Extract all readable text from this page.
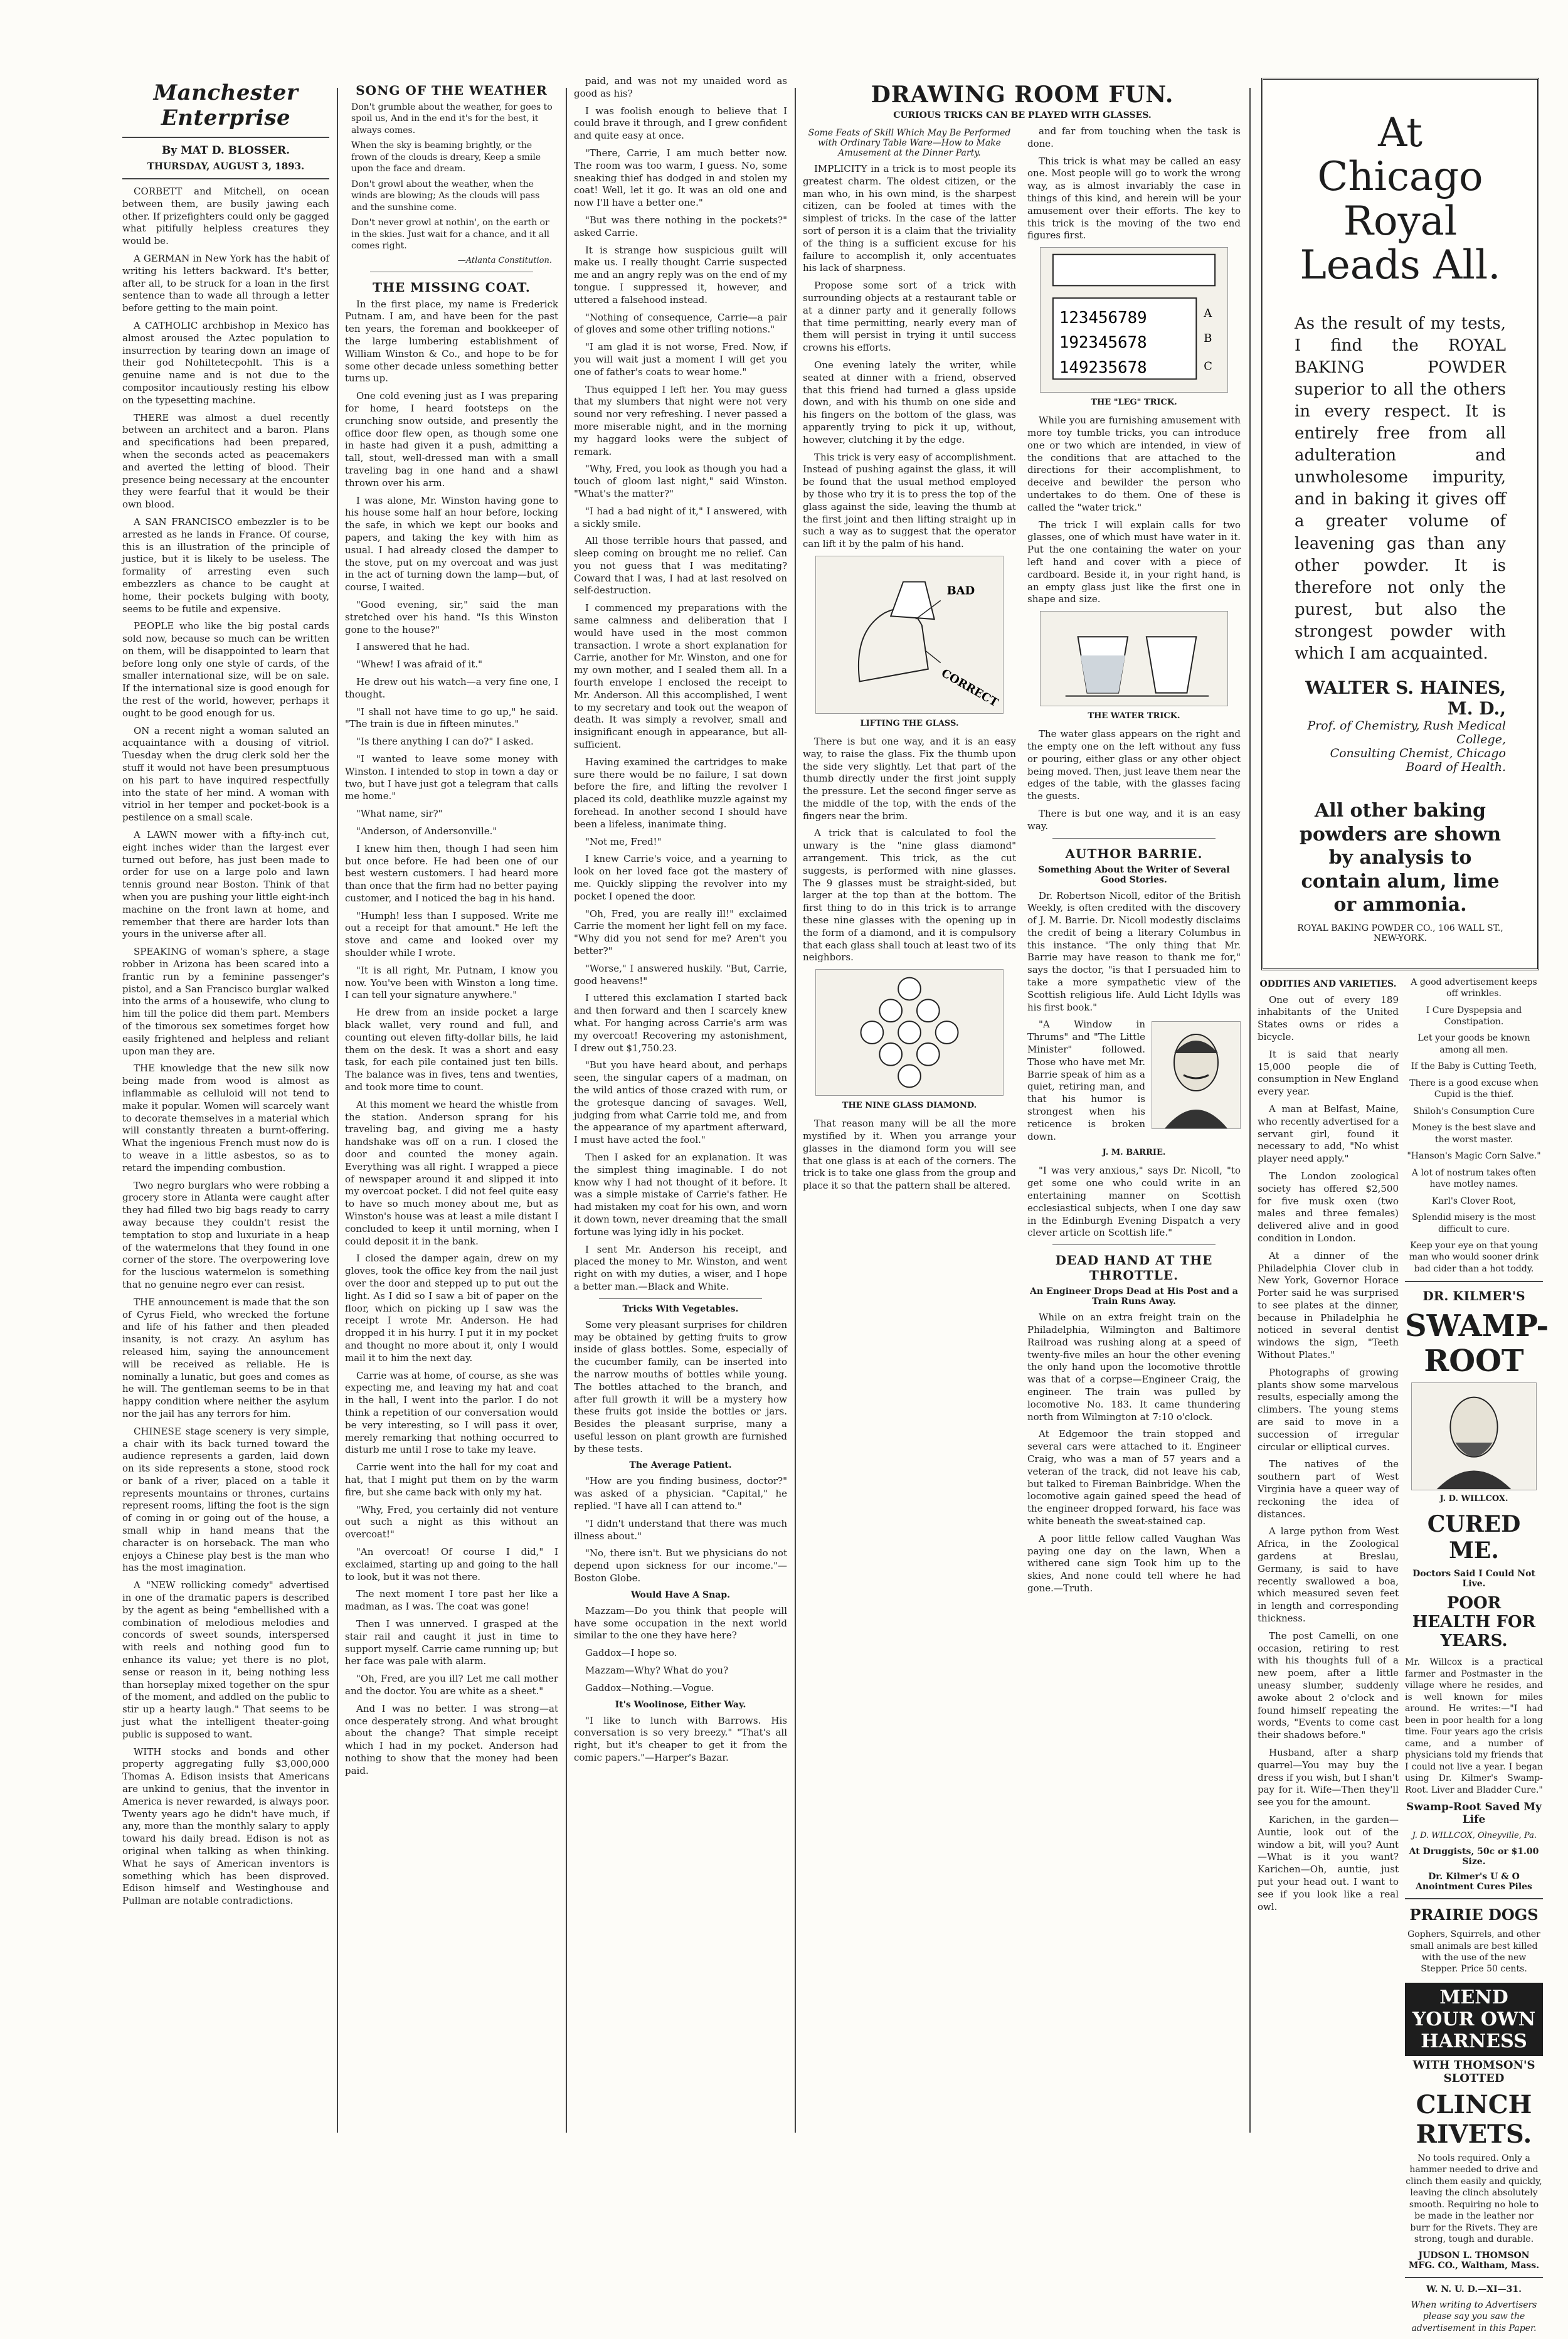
Manchester Enterprise
By MAT D. BLOSSER.
THURSDAY, AUGUST 3, 1893.

CORBETT and Mitchell, on ocean between them, are busily jawing each other. If prizefighters could only be gagged what pitifully helpless creatures they would be.

A GERMAN in New York has the habit of writing his letters backward. It's better, after all, to be struck for a loan in the first sentence than to wade all through a letter before getting to the main point.

A CATHOLIC archbishop in Mexico has almost aroused the Aztec population to insurrection by tearing down an image of their god Nohiltetecpohlt. This is a genuine name and is not due to the compositor incautiously resting his elbow on the typesetting machine.

THERE was almost a duel recently between an architect and a baron. Plans and specifications had been prepared, when the seconds acted as peacemakers and averted the letting of blood. Their presence being necessary at the encounter they were fearful that it would be their own blood.

A SAN FRANCISCO embezzler is to be arrested as he lands in France. Of course, this is an illustration of the principle of justice, but it is likely to be useless. The formality of arresting even such embezzlers as chance to be caught at home, their pockets bulging with booty, seems to be futile and expensive.

PEOPLE who like the big postal cards sold now, because so much can be written on them, will be disappointed to learn that before long only one style of cards, of the smaller international size, will be on sale. If the international size is good enough for the rest of the world, however, perhaps it ought to be good enough for us.

ON a recent night a woman saluted an acquaintance with a dousing of vitriol. Tuesday when the drug clerk sold her the stuff it would not have been presumptuous on his part to have inquired respectfully into the state of her mind. A woman with vitriol in her temper and pocket-book is a pestilence on a small scale.

A LAWN mower with a fifty-inch cut, eight inches wider than the largest ever turned out before, has just been made to order for use on a large polo and lawn tennis ground near Boston. Think of that when you are pushing your little eight-inch machine on the front lawn at home, and remember that there are harder lots than yours in the universe after all.

SPEAKING of woman's sphere, a stage robber in Arizona has been scared into a frantic run by a feminine passenger's pistol, and a San Francisco burglar walked into the arms of a housewife, who clung to him till the police did them part. Members of the timorous sex sometimes forget how easily frightened and helpless and reliant upon man they are.

THE knowledge that the new silk now being made from wood is almost as inflammable as celluloid will not tend to make it popular. Women will scarcely want to decorate themselves in a material which will constantly threaten a burnt-offering. What the ingenious French must now do is to weave in a little asbestos, so as to retard the impending combustion.

Two negro burglars who were robbing a grocery store in Atlanta were caught after they had filled two big bags ready to carry away because they couldn't resist the temptation to stop and luxuriate in a heap of the watermelons that they found in one corner of the store. The overpowering love for the luscious watermelon is something that no genuine negro ever can resist.

THE announcement is made that the son of Cyrus Field, who wrecked the fortune and life of his father and then pleaded insanity, is not crazy. An asylum has released him, saying the announcement will be received as reliable. He is nominally a lunatic, but goes and comes as he will. The gentleman seems to be in that happy condition where neither the asylum nor the jail has any terrors for him.

CHINESE stage scenery is very simple, a chair with its back turned toward the audience represents a garden, laid down on its side represents a stone, stood rock or bank of a river, placed on a table it represents mountains or thrones, curtains represent rooms, lifting the foot is the sign of coming in or going out of the house, a small whip in hand means that the character is on horseback. The man who enjoys a Chinese play best is the man who has the most imagination.

A "NEW rollicking comedy" advertised in one of the dramatic papers is described by the agent as being "embellished with a combination of melodious melodies and concords of sweet sounds, interspersed with reels and nothing good fun to enhance its value; yet there is no plot, sense or reason in it, being nothing less than horseplay mixed together on the spur of the moment, and addled on the public to stir up a hearty laugh." That seems to be just what the intelligent theater-going public is supposed to want.

WITH stocks and bonds and other property aggregating fully $3,000,000 Thomas A. Edison insists that Americans are unkind to genius, that the inventor in America is never rewarded, is always poor. Twenty years ago he didn't have much, if any, more than the monthly salary to apply toward his daily bread. Edison is not as original when talking as when thinking. What he says of American inventors is something which has been disproved. Edison himself and Westinghouse and Pullman are notable contradictions.

SONG OF THE WEATHER

Don't grumble about the weather, for goes to spoil us, And in the end it's for the best, it always comes.

When the sky is beaming brightly, or the frown of the clouds is dreary, Keep a smile upon the face and dream.

Don't growl about the weather, when the winds are blowing; As the clouds will pass and the sunshine come.

Don't never growl at nothin', on the earth or in the skies. Just wait for a chance, and it all comes right.

—Atlanta Constitution.
THE MISSING COAT.

In the first place, my name is Frederick Putnam. I am, and have been for the past ten years, the foreman and bookkeeper of the large lumbering establishment of William Winston & Co., and hope to be for some other decade unless something better turns up.

One cold evening just as I was preparing for home, I heard footsteps on the crunching snow outside, and presently the office door flew open, as though some one in haste had given it a push, admitting a tall, stout, well-dressed man with a small traveling bag in one hand and a shawl thrown over his arm.

I was alone, Mr. Winston having gone to his house some half an hour before, locking the safe, in which we kept our books and papers, and taking the key with him as usual. I had already closed the damper to the stove, put on my overcoat and was just in the act of turning down the lamp—but, of course, I waited.

"Good evening, sir," said the man stretched over his hand. "Is this Winston gone to the house?"

I answered that he had.

"Whew! I was afraid of it."

He drew out his watch—a very fine one, I thought.

"I shall not have time to go up," he said. "The train is due in fifteen minutes."

"Is there anything I can do?" I asked.

"I wanted to leave some money with Winston. I intended to stop in town a day or two, but I have just got a telegram that calls me home."

"What name, sir?"

"Anderson, of Andersonville."

I knew him then, though I had seen him but once before. He had been one of our best western customers. I had heard more than once that the firm had no better paying customer, and I noticed the bag in his hand.

"Humph! less than I supposed. Write me out a receipt for that amount." He left the stove and came and looked over my shoulder while I wrote.

"It is all right, Mr. Putnam, I know you now. You've been with Winston a long time. I can tell your signature anywhere."

He drew from an inside pocket a large black wallet, very round and full, and counting out eleven fifty-dollar bills, he laid them on the desk. It was a short and easy task, for each pile contained just ten bills. The balance was in fives, tens and twenties, and took more time to count.

At this moment we heard the whistle from the station. Anderson sprang for his traveling bag, and giving me a hasty handshake was off on a run. I closed the door and counted the money again. Everything was all right. I wrapped a piece of newspaper around it and slipped it into my overcoat pocket. I did not feel quite easy to have so much money about me, but as Winston's house was at least a mile distant I concluded to keep it until morning, when I could deposit it in the bank.

I closed the damper again, drew on my gloves, took the office key from the nail just over the door and stepped up to put out the light. As I did so I saw a bit of paper on the floor, which on picking up I saw was the receipt I wrote Mr. Anderson. He had dropped it in his hurry. I put it in my pocket and thought no more about it, only I would mail it to him the next day.

Carrie was at home, of course, as she was expecting me, and leaving my hat and coat in the hall, I went into the parlor. I do not think a repetition of our conversation would be very interesting, so I will pass it over, merely remarking that nothing occurred to disturb me until I rose to take my leave.

Carrie went into the hall for my coat and hat, that I might put them on by the warm fire, but she came back with only my hat.

"Why, Fred, you certainly did not venture out such a night as this without an overcoat!"

"An overcoat! Of course I did," I exclaimed, starting up and going to the hall to look, but it was not there.

The next moment I tore past her like a madman, as I was. The coat was gone!

Then I was unnerved. I grasped at the stair rail and caught it just in time to support myself. Carrie came running up; but her face was pale with alarm.

"Oh, Fred, are you ill? Let me call mother and the doctor. You are white as a sheet."

And I was no better. I was strong—at once desperately strong. And what brought about the change? That simple receipt which I had in my pocket. Anderson had nothing to show that the money had been paid.

paid, and was not my unaided word as good as his?

I was foolish enough to believe that I could brave it through, and I grew confident and quite easy at once.

"There, Carrie, I am much better now. The room was too warm, I guess. No, some sneaking thief has dodged in and stolen my coat! Well, let it go. It was an old one and now I'll have a better one."

"But was there nothing in the pockets?" asked Carrie.

It is strange how suspicious guilt will make us. I really thought Carrie suspected me and an angry reply was on the end of my tongue. I suppressed it, however, and uttered a falsehood instead.

"Nothing of consequence, Carrie—a pair of gloves and some other trifling notions."

"I am glad it is not worse, Fred. Now, if you will wait just a moment I will get you one of father's coats to wear home."

Thus equipped I left her. You may guess that my slumbers that night were not very sound nor very refreshing. I never passed a more miserable night, and in the morning my haggard looks were the subject of remark.

"Why, Fred, you look as though you had a touch of gloom last night," said Winston. "What's the matter?"

"I had a bad night of it," I answered, with a sickly smile.

All those terrible hours that passed, and sleep coming on brought me no relief. Can you not guess that I was meditating? Coward that I was, I had at last resolved on self-destruction.

I commenced my preparations with the same calmness and deliberation that I would have used in the most common transaction. I wrote a short explanation for Carrie, another for Mr. Winston, and one for my own mother, and I sealed them all. In a fourth envelope I enclosed the receipt to Mr. Anderson. All this accomplished, I went to my secretary and took out the weapon of death. It was simply a revolver, small and insignificant enough in appearance, but all-sufficient.

Having examined the cartridges to make sure there would be no failure, I sat down before the fire, and lifting the revolver I placed its cold, deathlike muzzle against my forehead. In another second I should have been a lifeless, inanimate thing.

"Not me, Fred!"

I knew Carrie's voice, and a yearning to look on her loved face got the mastery of me. Quickly slipping the revolver into my pocket I opened the door.

"Oh, Fred, you are really ill!" exclaimed Carrie the moment her light fell on my face. "Why did you not send for me? Aren't you better?"

"Worse," I answered huskily. "But, Carrie, good heavens!"

I uttered this exclamation I started back and then forward and then I scarcely knew what. For hanging across Carrie's arm was my overcoat! Recovering my astonishment, I drew out $1,750.23.

"But you have heard about, and perhaps seen, the singular capers of a madman, on the wild antics of those crazed with rum, or the grotesque dancing of savages. Well, judging from what Carrie told me, and from the appearance of my apartment afterward, I must have acted the fool."

Then I asked for an explanation. It was the simplest thing imaginable. I do not know why I had not thought of it before. It was a simple mistake of Carrie's father. He had mistaken my coat for his own, and worn it down town, never dreaming that the small fortune was lying idly in his pocket.

I sent Mr. Anderson his receipt, and placed the money to Mr. Winston, and went right on with my duties, a wiser, and I hope a better man.—Black and White.

Tricks With Vegetables.

Some very pleasant surprises for children may be obtained by getting fruits to grow inside of glass bottles. Some, especially of the cucumber family, can be inserted into the narrow mouths of bottles while young. The bottles attached to the branch, and after full growth it will be a mystery how these fruits got inside the bottles or jars. Besides the pleasant surprise, many a useful lesson on plant growth are furnished by these tests.

The Average Patient.

"How are you finding business, doctor?" was asked of a physician. "Capital," he replied. "I have all I can attend to."

"I didn't understand that there was much illness about."

"No, there isn't. But we physicians do not depend upon sickness for our income."—Boston Globe.

Would Have A Snap.

Mazzam—Do you think that people will have some occupation in the next world similar to the one they have here?

Gaddox—I hope so.

Mazzam—Why? What do you?

Gaddox—Nothing.—Vogue.

It's Woolinose, Either Way.

"I like to lunch with Barrows. His conversation is so very breezy." "That's all right, but it's cheaper to get it from the comic papers."—Harper's Bazar.

DRAWING ROOM FUN.
CURIOUS TRICKS CAN BE PLAYED WITH GLASSES.
Some Feats of Skill Which May Be Performed with Ordinary Table Ware—How to Make Amusement at the Dinner Party.

IMPLICITY in a trick is to most people its greatest charm. The oldest citizen, or the man who, in his own mind, is the sharpest citizen, can be fooled at times with the simplest of tricks. In the case of the latter sort of person it is a claim that the triviality of the thing is a sufficient excuse for his failure to accomplish it, only accentuates his lack of sharpness.

Propose some sort of a trick with surrounding objects at a restaurant table or at a dinner party and it generally follows that time permitting, nearly every man of them will persist in trying it until success crowns his efforts.

One evening lately the writer, while seated at dinner with a friend, observed that this friend had turned a glass upside down, and with his thumb on one side and his fingers on the bottom of the glass, was apparently trying to pick it up, without, however, clutching it by the edge.

This trick is very easy of accomplishment. Instead of pushing against the glass, it will be found that the usual method employed by those who try it is to press the top of the glass against the side, leaving the thumb at the first joint and then lifting straight up in such a way as to suggest that the operator can lift it by the palm of his hand.

BAD
CORRECT
LIFTING THE GLASS.

There is but one way, and it is an easy way, to raise the glass. Fix the thumb upon the side very slightly. Let that part of the thumb directly under the first joint supply the pressure. Let the second finger serve as the middle of the top, with the ends of the fingers near the brim.

A trick that is calculated to fool the unwary is the "nine glass diamond" arrangement. This trick, as the cut suggests, is performed with nine glasses. The 9 glasses must be straight-sided, but larger at the top than at the bottom. The first thing to do in this trick is to arrange these nine glasses with the opening up in the form of a diamond, and it is compulsory that each glass shall touch at least two of its neighbors.

THE NINE GLASS DIAMOND.

That reason many will be all the more mystified by it. When you arrange your glasses in the diamond form you will see that one glass is at each of the corners. The trick is to take one glass from the group and place it so that the pattern shall be altered.

and far from touching when the task is done.

This trick is what may be called an easy one. Most people will go to work the wrong way, as is almost invariably the case in things of this kind, and herein will be your amusement over their efforts. The key to this trick is the moving of the two end figures first.

123456789
192345678
149235678
A
B
C
THE "LEG" TRICK.

While you are furnishing amusement with more toy tumble tricks, you can introduce one or two which are intended, in view of the conditions that are attached to the directions for their accomplishment, to deceive and bewilder the person who undertakes to do them. One of these is called the "water trick."

The trick I will explain calls for two glasses, one of which must have water in it. Put the one containing the water on your left hand and cover with a piece of cardboard. Beside it, in your right hand, is an empty glass just like the first one in shape and size.

THE WATER TRICK.

The water glass appears on the right and the empty one on the left without any fuss or pouring, either glass or any other object being moved. Then, just leave them near the edges of the table, with the glasses facing the guests.

There is but one way, and it is an easy way.

AUTHOR BARRIE.
Something About the Writer of Several Good Stories.

Dr. Robertson Nicoll, editor of the British Weekly, is often credited with the discovery of J. M. Barrie. Dr. Nicoll modestly disclaims the credit of being a literary Columbus in this instance. "The only thing that Mr. Barrie may have reason to thank me for," says the doctor, "is that I persuaded him to take a more sympathetic view of the Scottish religious life. Auld Licht Idylls was his first book."

"A Window in Thrums" and "The Little Minister" followed. Those who have met Mr. Barrie speak of him as a quiet, retiring man, and that his humor is strongest when his reticence is broken down.

J. M. BARRIE.

"I was very anxious," says Dr. Nicoll, "to get some one who could write in an entertaining manner on Scottish ecclesiastical subjects, when I one day saw in the Edinburgh Evening Dispatch a very clever article on Scottish life."

DEAD HAND AT THE THROTTLE.
An Engineer Drops Dead at His Post and a Train Runs Away.

While on an extra freight train on the Philadelphia, Wilmington and Baltimore Railroad was rushing along at a speed of twenty-five miles an hour the other evening the only hand upon the locomotive throttle was that of a corpse—Engineer Craig, the engineer. The train was pulled by locomotive No. 183. It came thundering north from Wilmington at 7:10 o'clock.

At Edgemoor the train stopped and several cars were attached to it. Engineer Craig, who was a man of 57 years and a veteran of the track, did not leave his cab, but talked to Fireman Bainbridge. When the locomotive again gained speed the head of the engineer dropped forward, his face was white beneath the sweat-stained cap.

A poor little fellow called Vaughan Was paying one day on the lawn, When a withered cane sign Took him up to the skies, And none could tell where he had gone.—Truth.

At Chicago
Royal Leads All.

As the result of my tests, I find the ROYAL BAKING POWDER superior to all the others in every respect. It is entirely free from all adulteration and unwholesome impurity, and in baking it gives off a greater volume of leavening gas than any other powder. It is therefore not only the purest, but also the strongest powder with which I am acquainted.

WALTER S. HAINES, M. D.,
Prof. of Chemistry, Rush Medical College,
Consulting Chemist, Chicago Board of Health.
All other baking powders are shown by analysis to contain alum, lime or ammonia.
ROYAL BAKING POWDER CO., 106 WALL ST., NEW-YORK.
ODDITIES AND VARIETIES.

One out of every 189 inhabitants of the United States owns or rides a bicycle.

It is said that nearly 15,000 people die of consumption in New England every year.

A man at Belfast, Maine, who recently advertised for a servant girl, found it necessary to add, "No whist player need apply."

The London zoological society has offered $2,500 for five musk oxen (two males and three females) delivered alive and in good condition in London.

At a dinner of the Philadelphia Clover club in New York, Governor Horace Porter said he was surprised to see plates at the dinner, because in Philadelphia he noticed in several dentist windows the sign, "Teeth Without Plates."

Photographs of growing plants show some marvelous results, especially among the climbers. The young stems are said to move in a succession of irregular circular or elliptical curves.

The natives of the southern part of West Virginia have a queer way of reckoning the idea of distances.

A large python from West Africa, in the Zoological gardens at Breslau, Germany, is said to have recently swallowed a boa, which measured seven feet in length and corresponding thickness.

The post Camelli, on one occasion, retiring to rest with his thoughts full of a new poem, after a little uneasy slumber, suddenly awoke about 2 o'clock and found himself repeating the words, "Events to come cast their shadows before."

Husband, after a sharp quarrel—You may buy the dress if you wish, but I shan't pay for it. Wife—Then they'll see you for the amount.

Karichen, in the garden—Auntie, look out of the window a bit, will you? Aunt—What is it you want? Karichen—Oh, auntie, just put your head out. I want to see if you look like a real owl.

A good advertisement keeps off wrinkles.

I Cure Dyspepsia and Constipation.

Let your goods be known among all men.

If the Baby is Cutting Teeth,

There is a good excuse when Cupid is the thief.

Shiloh's Consumption Cure

Money is the best slave and the worst master.

"Hanson's Magic Corn Salve."

A lot of nostrum takes often have motley names.

Karl's Clover Root,

Splendid misery is the most difficult to cure.

Keep your eye on that young man who would sooner drink bad cider than a hot toddy.

DR. KILMER'S
SWAMP-ROOT
J. D. WILLCOX.
CURED ME.
Doctors Said I Could Not Live.
POOR HEALTH FOR YEARS.

Mr. Willcox is a practical farmer and Postmaster in the village where he resides, and is well known for miles around. He writes:—"I had been in poor health for a long time. Four years ago the crisis came, and a number of physicians told my friends that I could not live a year. I began using Dr. Kilmer's Swamp-Root. Liver and Bladder Cure."

Swamp-Root Saved My Life
J. D. WILLCOX, Olneyville, Pa.
At Druggists, 50c or $1.00 Size.
Dr. Kilmer's U & O Anointment Cures Piles
PRAIRIE DOGS

Gophers, Squirrels, and other small animals are best killed with the use of the new Stepper. Price 50 cents.

MEND YOUR OWN HARNESS
WITH THOMSON'S SLOTTED
CLINCH RIVETS.

No tools required. Only a hammer needed to drive and clinch them easily and quickly, leaving the clinch absolutely smooth. Requiring no hole to be made in the leather nor burr for the Rivets. They are strong, tough and durable.

JUDSON L. THOMSON MFG. CO., Waltham, Mass.
W. N. U. D.—XI—31.

When writing to Advertisers please say you saw the advertisement in this Paper.
